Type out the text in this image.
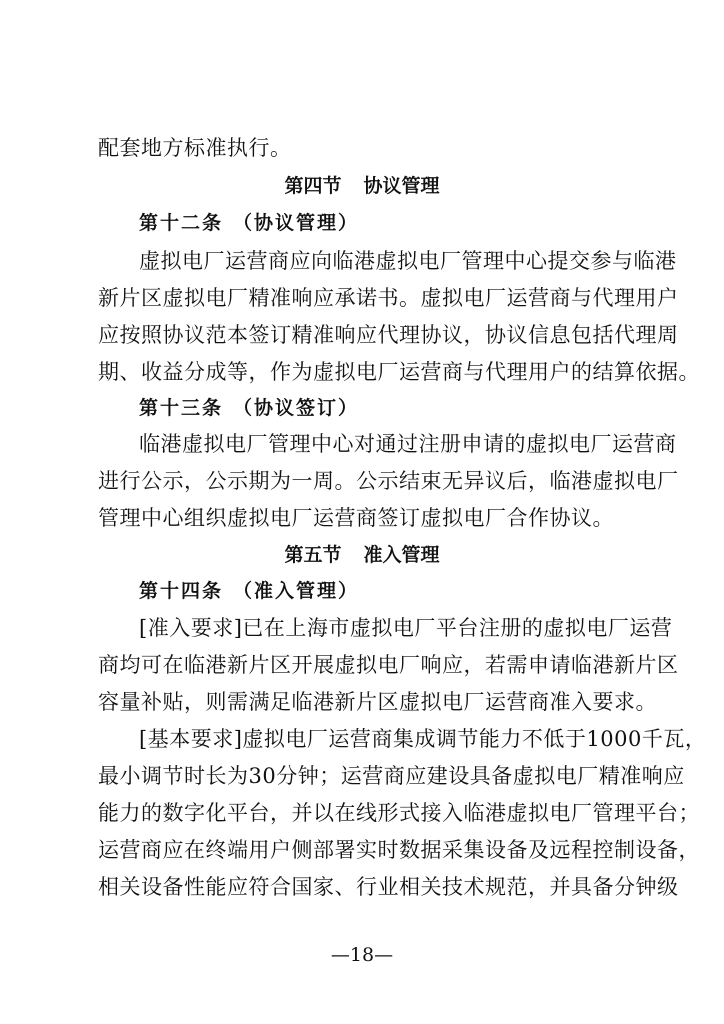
配套地方标准执行。
第四节 协议管理
第十二条 （协议管理）
虚拟电厂运营商应向临港虚拟电厂管理中心提交参与临港
新片区虚拟电厂精准响应承诺书。虚拟电厂运营商与代理用户
应按照协议范本签订精准响应代理协议，协议信息包括代理周
期、收益分成等，作为虚拟电厂运营商与代理用户的结算依据。
第十三条 （协议签订）
临港虚拟电厂管理中心对通过注册申请的虚拟电厂运营商
进行公示，公示期为一周。公示结束无异议后，临港虚拟电厂
管理中心组织虚拟电厂运营商签订虚拟电厂合作协议。
第五节 准入管理
第十四条 （准入管理）
[准入要求]已在上海市虚拟电厂平台注册的虚拟电厂运营
商均可在临港新片区开展虚拟电厂响应，若需申请临港新片区
容量补贴，则需满足临港新片区虚拟电厂运营商准入要求。
[基本要求]虚拟电厂运营商集成调节能力不低于1000千瓦，
最小调节时长为30分钟；运营商应建设具备虚拟电厂精准响应
能力的数字化平台，并以在线形式接入临港虚拟电厂管理平台；
运营商应在终端用户侧部署实时数据采集设备及远程控制设备，
相关设备性能应符合国家、行业相关技术规范，并具备分钟级
—18—
